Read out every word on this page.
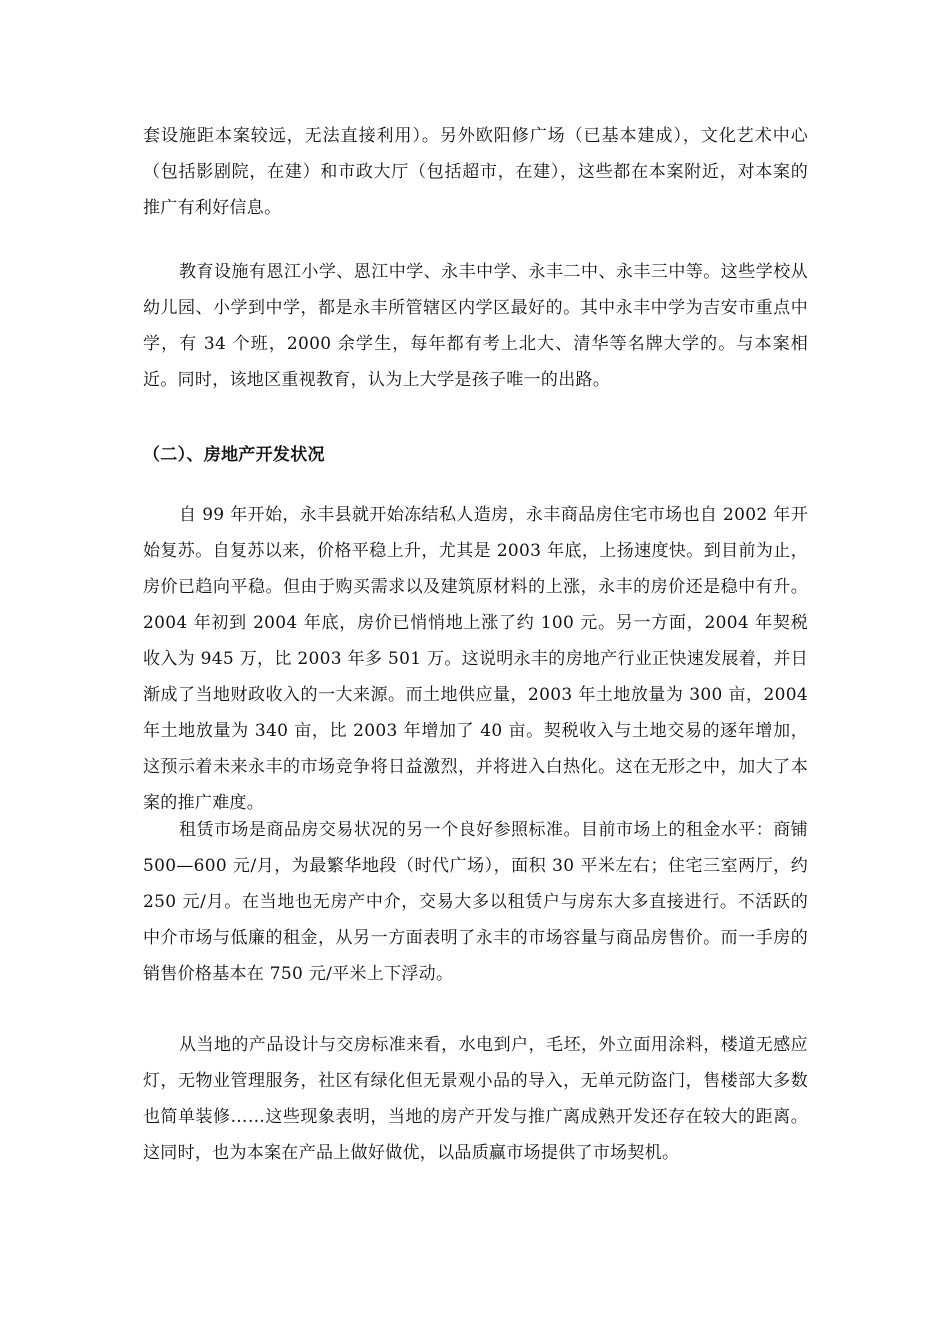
套设施距本案较远，无法直接利用）。另外欧阳修广场（已基本建成），文化艺术中心（包括影剧院，在建）和市政大厅（包括超市，在建），这些都在本案附近，对本案的推广有利好信息。

教育设施有恩江小学、恩江中学、永丰中学、永丰二中、永丰三中等。这些学校从幼儿园、小学到中学，都是永丰所管辖区内学区最好的。其中永丰中学为吉安市重点中学，有 34 个班，2000 余学生，每年都有考上北大、清华等名牌大学的。与本案相近。同时，该地区重视教育，认为上大学是孩子唯一的出路。

（二）、房地产开发状况

自 99 年开始，永丰县就开始冻结私人造房，永丰商品房住宅市场也自 2002 年开始复苏。自复苏以来，价格平稳上升，尤其是 2003 年底，上扬速度快。到目前为止，房价已趋向平稳。但由于购买需求以及建筑原材料的上涨，永丰的房价还是稳中有升。2004 年初到 2004 年底，房价已悄悄地上涨了约 100 元。另一方面，2004 年契税收入为 945 万，比 2003 年多 501 万。这说明永丰的房地产行业正快速发展着，并日渐成了当地财政收入的一大来源。而土地供应量，2003 年土地放量为 300 亩，2004 年土地放量为 340 亩，比 2003 年增加了 40 亩。契税收入与土地交易的逐年增加，这预示着未来永丰的市场竞争将日益激烈，并将进入白热化。这在无形之中，加大了本案的推广难度。

租赁市场是商品房交易状况的另一个良好参照标准。目前市场上的租金水平：商铺 500—600 元/月，为最繁华地段（时代广场），面积 30 平米左右；住宅三室两厅，约 250 元/月。在当地也无房产中介，交易大多以租赁户与房东大多直接进行。不活跃的中介市场与低廉的租金，从另一方面表明了永丰的市场容量与商品房售价。而一手房的销售价格基本在 750 元/平米上下浮动。

从当地的产品设计与交房标准来看，水电到户，毛坯，外立面用涂料，楼道无感应灯，无物业管理服务，社区有绿化但无景观小品的导入，无单元防盗门，售楼部大多数也简单装修……这些现象表明，当地的房产开发与推广离成熟开发还存在较大的距离。这同时，也为本案在产品上做好做优，以品质赢市场提供了市场契机。
